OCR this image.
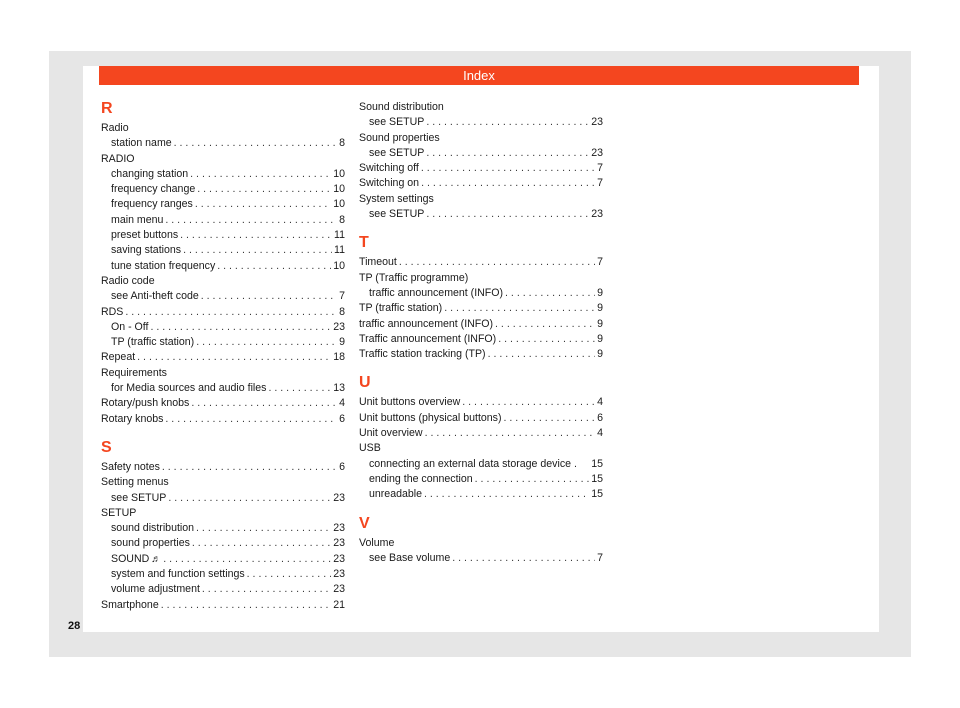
Index
R
Radio
station name . . .	8
RADIO
changing station . . .	10
frequency change . . .	10
frequency ranges . . .	10
main menu . . .	8
preset buttons . . .	11
saving stations . . .	11
tune station frequency . . .	10
Radio code
see Anti-theft code . . .	7
RDS . . .	8
On - Off . . .	23
TP (traffic station) . . .	9
Repeat . . .	18
Requirements
for Media sources and audio files . . .	13
Rotary/push knobs . . .	4
Rotary knobs . . .	6
S
Safety notes . . .	6
Setting menus
see SETUP . . .	23
SETUP
sound distribution . . .	23
sound properties . . .	23
SOUND ♬ . . .	23
system and function settings . . .	23
volume adjustment . . .	23
Smartphone . . .	21
Sound distribution
see SETUP . . .	23
Sound properties
see SETUP . . .	23
Switching off . . .	7
Switching on . . .	7
System settings
see SETUP . . .	23
T
Timeout . . .	7
TP (Traffic programme)
traffic announcement (INFO) . . .	9
TP (traffic station) . . .	9
traffic announcement (INFO) . . .	9
Traffic announcement (INFO) . . .	9
Traffic station tracking (TP) . . .	9
U
Unit buttons overview . . .	4
Unit buttons (physical buttons) . . .	6
Unit overview . . .	4
USB
connecting an external data storage device . 15
ending the connection . . .	15
unreadable . . .	15
V
Volume
see Base volume . . .	7
28
